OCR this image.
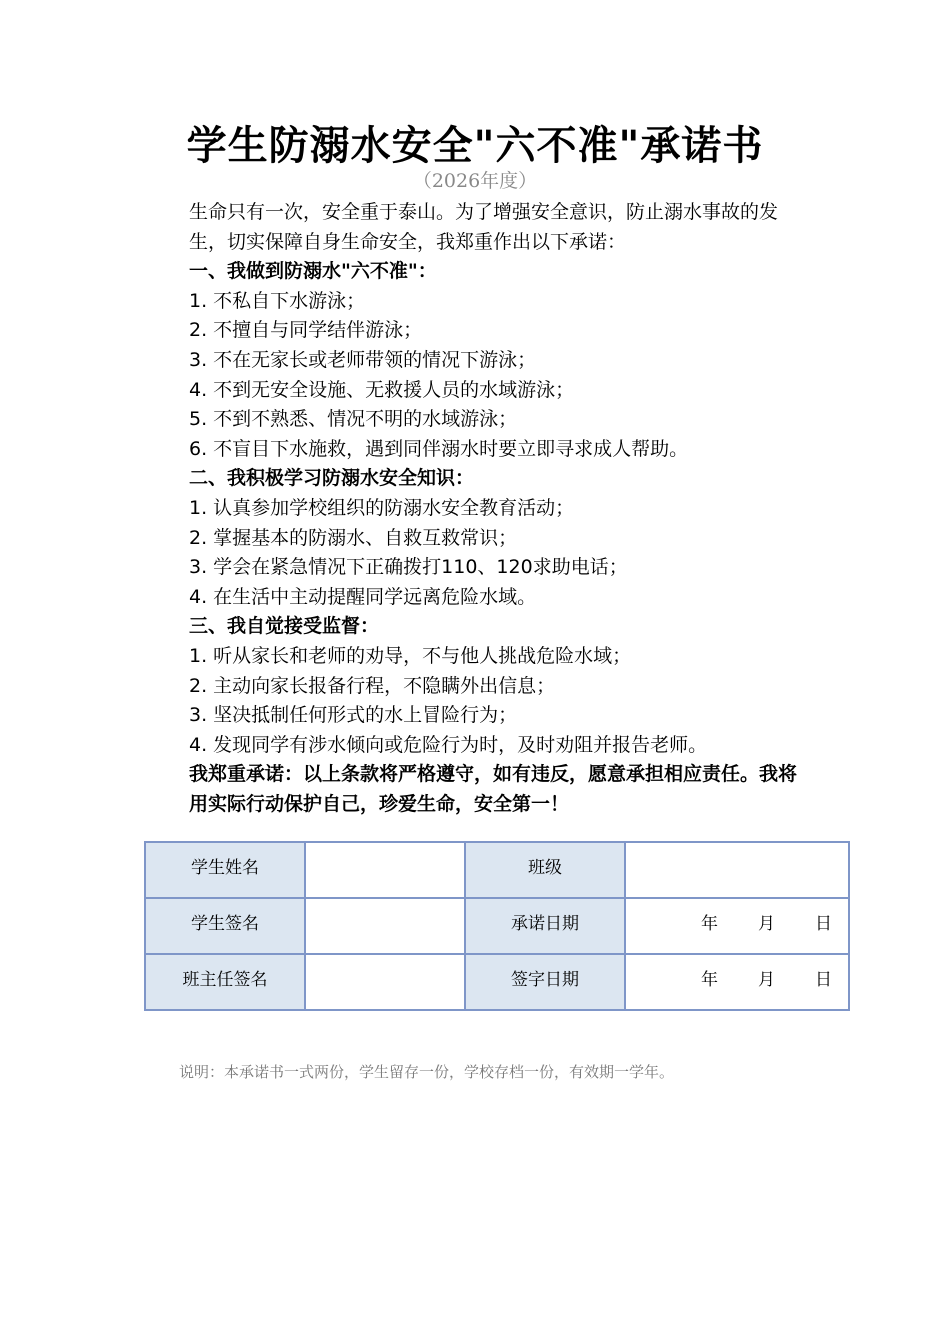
学生防溺水安全"六不准"承诺书
（2026年度）

生命只有一次，安全重于泰山。为了增强安全意识，防止溺水事故的发生，切实保障自身生命安全，我郑重作出以下承诺：

一、我做到防溺水"六不准"：

1. 不私自下水游泳；

2. 不擅自与同学结伴游泳；

3. 不在无家长或老师带领的情况下游泳；

4. 不到无安全设施、无救援人员的水域游泳；

5. 不到不熟悉、情况不明的水域游泳；

6. 不盲目下水施救，遇到同伴溺水时要立即寻求成人帮助。

二、我积极学习防溺水安全知识：

1. 认真参加学校组织的防溺水安全教育活动；

2. 掌握基本的防溺水、自救互救常识；

3. 学会在紧急情况下正确拨打110、120求助电话；

4. 在生活中主动提醒同学远离危险水域。

三、我自觉接受监督：

1. 听从家长和老师的劝导，不与他人挑战危险水域；

2. 主动向家长报备行程，不隐瞒外出信息；

3. 坚决抵制任何形式的水上冒险行为；

4. 发现同学有涉水倾向或危险行为时，及时劝阻并报告老师。

我郑重承诺：以上条款将严格遵守，如有违反，愿意承担相应责任。我将用实际行动保护自己，珍爱生命，安全第一！

学生姓名		班级	
学生签名		承诺日期	年 月 日
班主任签名		签字日期	年 月 日
说明：本承诺书一式两份，学生留存一份，学校存档一份，有效期一学年。
